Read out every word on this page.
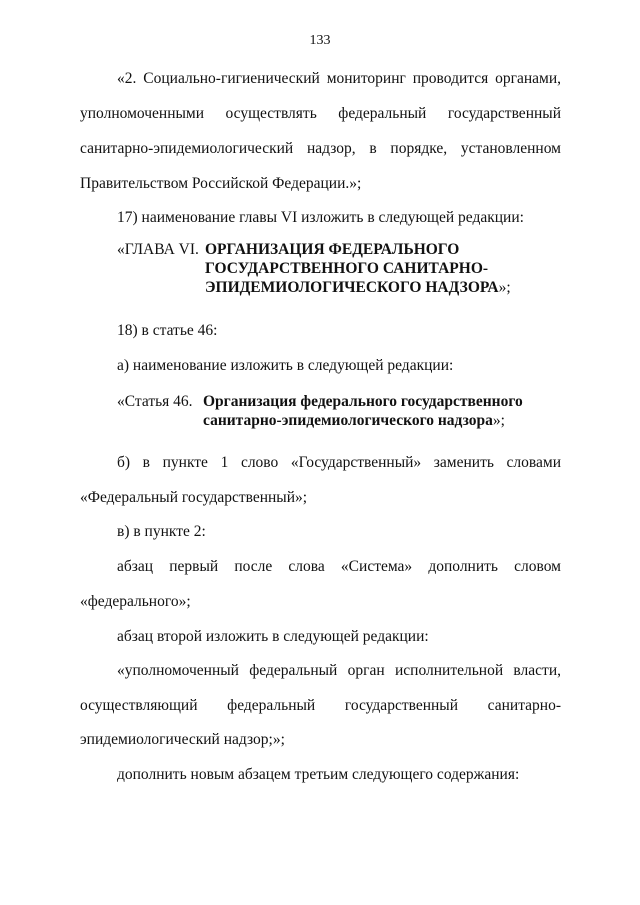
133
«2. Социально-гигиенический мониторинг проводится органами,
уполномоченными осуществлять федеральный государственный
санитарно-эпидемиологический надзор, в порядке, установленном
Правительством Российской Федерации.»;
17) наименование главы VI изложить в следующей редакции:
«ГЛАВА VI. ОРГАНИЗАЦИЯ ФЕДЕРАЛЬНОГО
ГОСУДАРСТВЕННОГО САНИТАРНО-
ЭПИДЕМИОЛОГИЧЕСКОГО НАДЗОРА»;
18) в статье 46:
а) наименование изложить в следующей редакции:
«Статья 46. Организация федерального государственного
санитарно-эпидемиологического надзора»;
б) в пункте 1 слово «Государственный» заменить словами
«Федеральный государственный»;
в) в пункте 2:
абзац первый после слова «Система» дополнить словом
«федерального»;
абзац второй изложить в следующей редакции:
«уполномоченный федеральный орган исполнительной власти,
осуществляющий федеральный государственный санитарно-
эпидемиологический надзор;»;
дополнить новым абзацем третьим следующего содержания:
